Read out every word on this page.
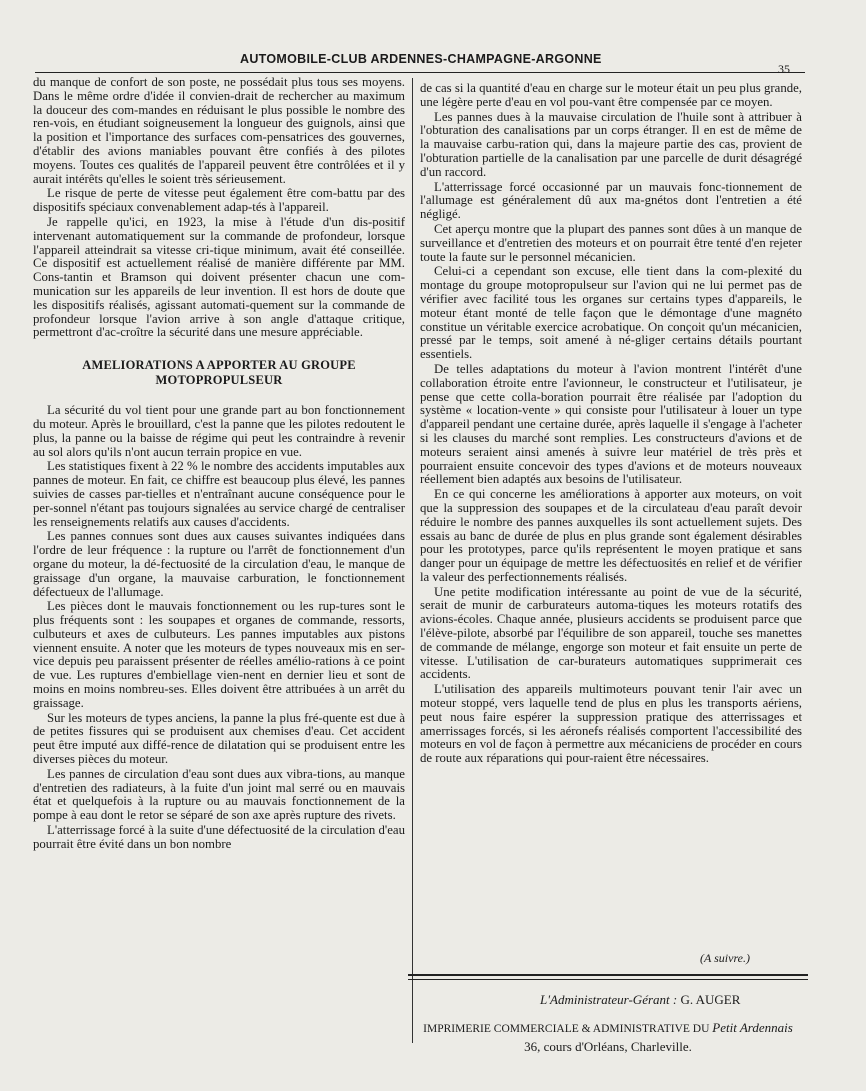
AUTOMOBILE-CLUB ARDENNES-CHAMPAGNE-ARGONNE
35

du manque de confort de son poste, ne possédait plus tous ses moyens. Dans le même ordre d'idée il convien-drait de rechercher au maximum la douceur des com-mandes en réduisant le plus possible le nombre des ren-vois, en étudiant soigneusement la longueur des guignols, ainsi que la position et l'importance des surfaces com-pensatrices des gouvernes, d'établir des avions maniables pouvant être confiés à des pilotes moyens. Toutes ces qualités de l'appareil peuvent être contrôlées et il y aurait intérêts qu'elles le soient très sérieusement.

Le risque de perte de vitesse peut également être com-battu par des dispositifs spéciaux convenablement adap-tés à l'appareil.

Je rappelle qu'ici, en 1923, la mise à l'étude d'un dis-positif intervenant automatiquement sur la commande de profondeur, lorsque l'appareil atteindrait sa vitesse cri-tique minimum, avait été conseillée. Ce dispositif est actuellement réalisé de manière différente par MM. Cons-tantin et Bramson qui doivent présenter chacun une com-munication sur les appareils de leur invention. Il est hors de doute que les dispositifs réalisés, agissant automati-quement sur la commande de profondeur lorsque l'avion arrive à son angle d'attaque critique, permettront d'ac-croître la sécurité dans une mesure appréciable.

AMELIORATIONS A APPORTER AU GROUPE MOTOPROPULSEUR

La sécurité du vol tient pour une grande part au bon fonctionnement du moteur. Après le brouillard, c'est la panne que les pilotes redoutent le plus, la panne ou la baisse de régime qui peut les contraindre à revenir au sol alors qu'ils n'ont aucun terrain propice en vue.

Les statistiques fixent à 22 % le nombre des accidents imputables aux pannes de moteur. En fait, ce chiffre est beaucoup plus élevé, les pannes suivies de casses par-tielles et n'entraînant aucune conséquence pour le per-sonnel n'étant pas toujours signalées au service chargé de centraliser les renseignements relatifs aux causes d'accidents.

Les pannes connues sont dues aux causes suivantes indiquées dans l'ordre de leur fréquence : la rupture ou l'arrêt de fonctionnement d'un organe du moteur, la dé-fectuosité de la circulation d'eau, le manque de graissage d'un organe, la mauvaise carburation, le fonctionnement défectueux de l'allumage.

Les pièces dont le mauvais fonctionnement ou les rup-tures sont le plus fréquents sont : les soupapes et organes de commande, ressorts, culbuteurs et axes de culbuteurs. Les pannes imputables aux pistons viennent ensuite. A noter que les moteurs de types nouveaux mis en ser-vice depuis peu paraissent présenter de réelles amélio-rations à ce point de vue. Les ruptures d'embiellage vien-nent en dernier lieu et sont de moins en moins nombreu-ses. Elles doivent être attribuées à un arrêt du graissage.

Sur les moteurs de types anciens, la panne la plus fré-quente est due à de petites fissures qui se produisent aux chemises d'eau. Cet accident peut être imputé aux diffé-rence de dilatation qui se produisent entre les diverses pièces du moteur.

Les pannes de circulation d'eau sont dues aux vibra-tions, au manque d'entretien des radiateurs, à la fuite d'un joint mal serré ou en mauvais état et quelquefois à la rupture ou au mauvais fonctionnement de la pompe à eau dont le retor se séparé de son axe après rupture des rivets.

L'atterrissage forcé à la suite d'une défectuosité de la circulation d'eau pourrait être évité dans un bon nombre

de cas si la quantité d'eau en charge sur le moteur était un peu plus grande, une légère perte d'eau en vol pou-vant être compensée par ce moyen.

Les pannes dues à la mauvaise circulation de l'huile sont à attribuer à l'obturation des canalisations par un corps étranger. Il en est de même de la mauvaise carbu-ration qui, dans la majeure partie des cas, provient de l'obturation partielle de la canalisation par une parcelle de durit désagrégé d'un raccord.

L'atterrissage forcé occasionné par un mauvais fonc-tionnement de l'allumage est généralement dû aux ma-gnétos dont l'entretien a été négligé.

Cet aperçu montre que la plupart des pannes sont dûes à un manque de surveillance et d'entretien des moteurs et on pourrait être tenté d'en rejeter toute la faute sur le personnel mécanicien.

Celui-ci a cependant son excuse, elle tient dans la com-plexité du montage du groupe motopropulseur sur l'avion qui ne lui permet pas de vérifier avec facilité tous les organes sur certains types d'appareils, le moteur étant monté de telle façon que le démontage d'une magnéto constitue un véritable exercice acrobatique. On conçoit qu'un mécanicien, pressé par le temps, soit amené à né-gliger certains détails pourtant essentiels.

De telles adaptations du moteur à l'avion montrent l'intérêt d'une collaboration étroite entre l'avionneur, le constructeur et l'utilisateur, je pense que cette colla-boration pourrait être réalisée par l'adoption du système « location-vente » qui consiste pour l'utilisateur à louer un type d'appareil pendant une certaine durée, après laquelle il s'engage à l'acheter si les clauses du marché sont remplies. Les constructeurs d'avions et de moteurs seraient ainsi amenés à suivre leur matériel de très près et pourraient ensuite concevoir des types d'avions et de moteurs nouveaux réellement bien adaptés aux besoins de l'utilisateur.

En ce qui concerne les améliorations à apporter aux moteurs, on voit que la suppression des soupapes et de la circulateau d'eau paraît devoir réduire le nombre des pannes auxquelles ils sont actuellement sujets. Des essais au banc de durée de plus en plus grande sont également désirables pour les prototypes, parce qu'ils représentent le moyen pratique et sans danger pour un équipage de mettre les défectuosités en relief et de vérifier la valeur des perfectionnements réalisés.

Une petite modification intéressante au point de vue de la sécurité, serait de munir de carburateurs automa-tiques les moteurs rotatifs des avions-écoles. Chaque année, plusieurs accidents se produisent parce que l'élève-pilote, absorbé par l'équilibre de son appareil, touche ses manettes de commande de mélange, engorge son moteur et fait ensuite un perte de vitesse. L'utilisation de car-burateurs automatiques supprimerait ces accidents.

L'utilisation des appareils multimoteurs pouvant tenir l'air avec un moteur stoppé, vers laquelle tend de plus en plus les transports aériens, peut nous faire espérer la suppression pratique des atterrissages et amerrissages forcés, si les aéronefs réalisés comportent l'accessibilité des moteurs en vol de façon à permettre aux mécaniciens de procéder en cours de route aux réparations qui pour-raient être nécessaires.

(A suivre.)
L'Administrateur-Gérant : G. AUGER
IMPRIMERIE COMMERCIALE & ADMINISTRATIVE DU Petit Ardennais
36, cours d'Orléans, Charleville.
